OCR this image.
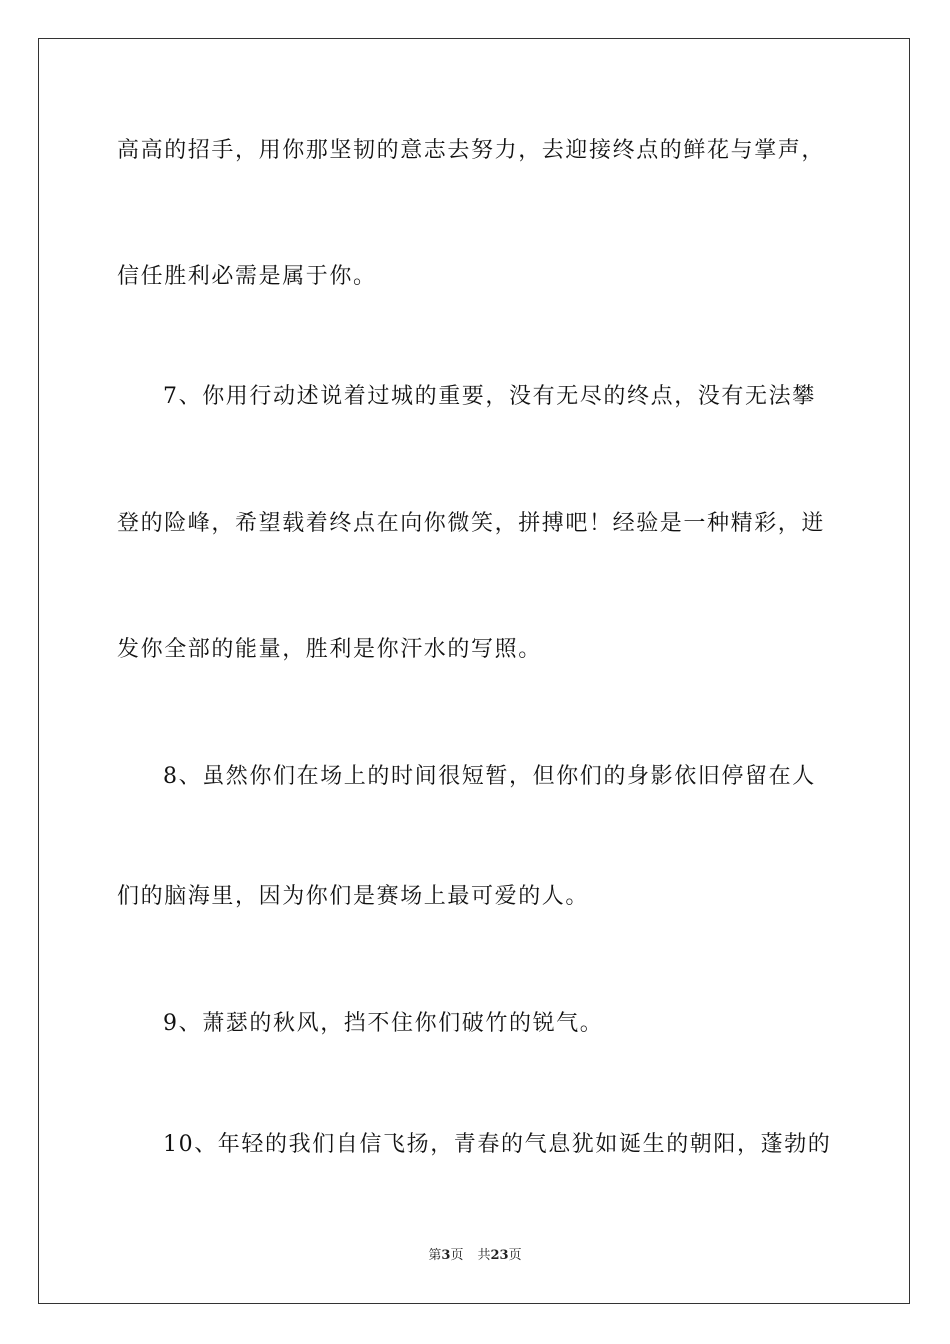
高高的招手，用你那坚韧的意志去努力，去迎接终点的鲜花与掌声，
信任胜利必需是属于你。
7、你用行动述说着过城的重要，没有无尽的终点，没有无法攀
登的险峰，希望载着终点在向你微笑，拼搏吧！经验是一种精彩，迸
发你全部的能量，胜利是你汗水的写照。
8、虽然你们在场上的时间很短暂，但你们的身影依旧停留在人
们的脑海里，因为你们是赛场上最可爱的人。
9、萧瑟的秋风，挡不住你们破竹的锐气。
10、年轻的我们自信飞扬，青春的气息犹如诞生的朝阳，蓬勃的
第3页 共23页
